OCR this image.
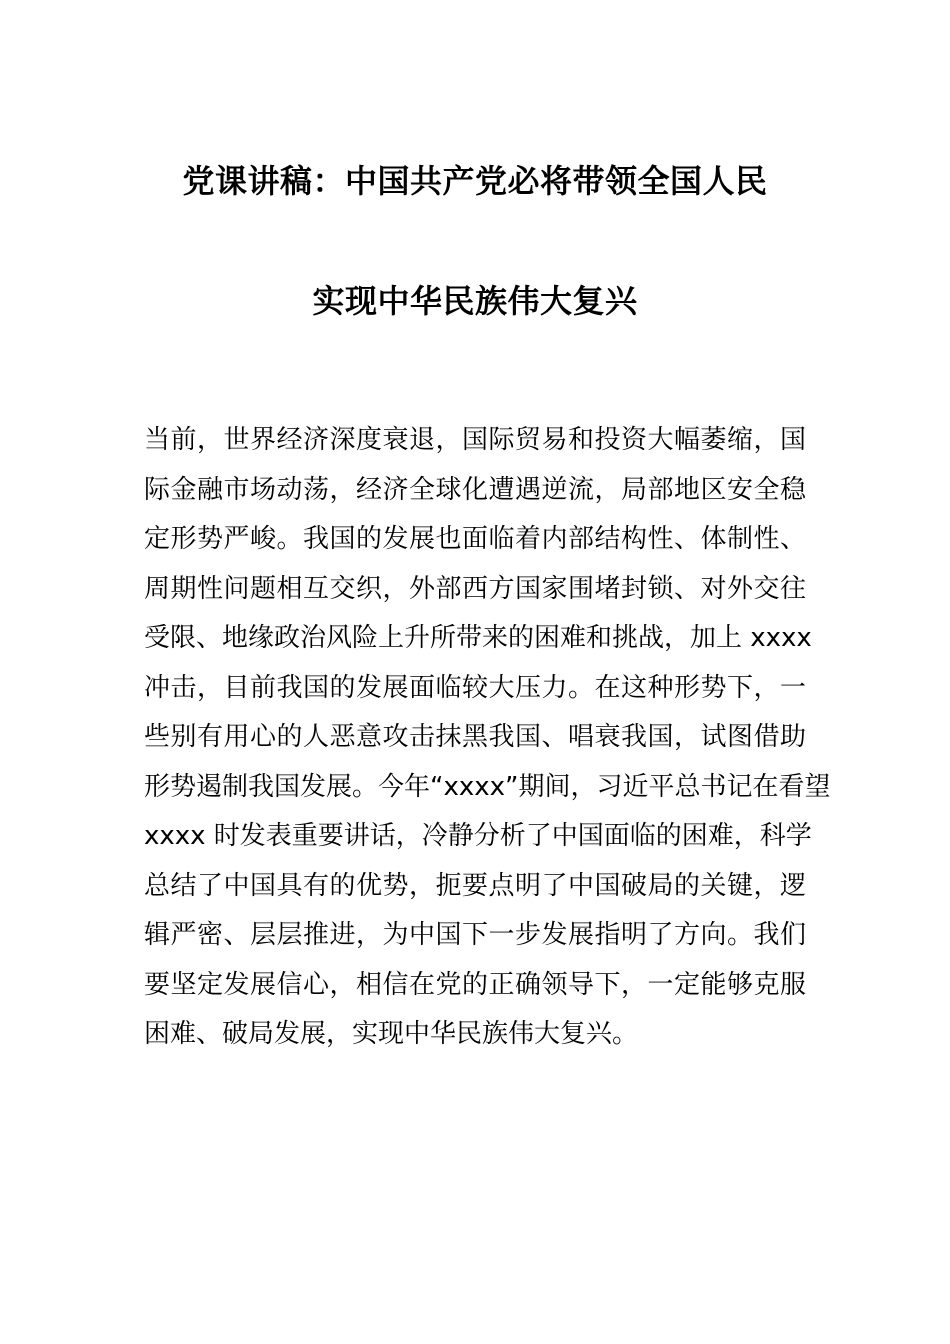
党课讲稿：中国共产党必将带领全国人民
实现中华民族伟大复兴
当前，世界经济深度衰退，国际贸易和投资大幅萎缩，国
际金融市场动荡，经济全球化遭遇逆流，局部地区安全稳
定形势严峻。我国的发展也面临着内部结构性、体制性、
周期性问题相互交织，外部西方国家围堵封锁、对外交往
受限、地缘政治风险上升所带来的困难和挑战，加上 xxxx
冲击，目前我国的发展面临较大压力。在这种形势下，一
些别有用心的人恶意攻击抹黑我国、唱衰我国，试图借助
形势遏制我国发展。今年“xxxx”期间，习近平总书记在看望
xxxx 时发表重要讲话，冷静分析了中国面临的困难，科学
总结了中国具有的优势，扼要点明了中国破局的关键，逻
辑严密、层层推进，为中国下一步发展指明了方向。我们
要坚定发展信心，相信在党的正确领导下，一定能够克服
困难、破局发展，实现中华民族伟大复兴。
